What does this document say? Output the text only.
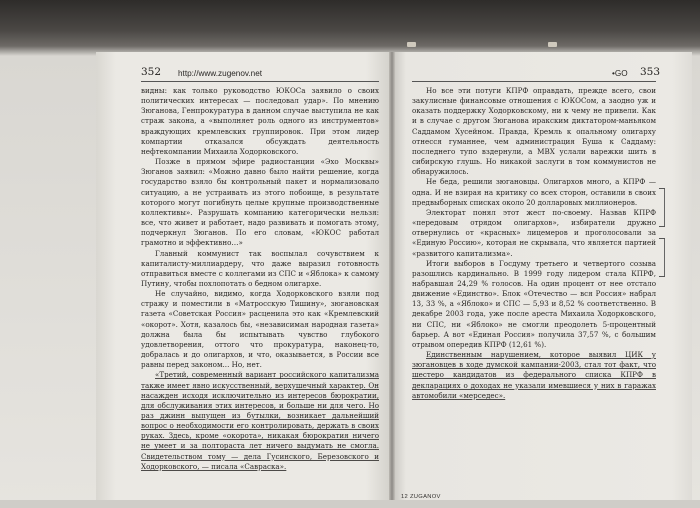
352 http://www.zugenov.net	•GO 353

видны: как только руководство ЮКОСа заявило о своих политических интересах — последовал удар». По мнению Зюганова, Генпрокуратура в данном случае выступила не как страж закона, а «выполняет роль одного из инструментов» враждующих кремлевских группировок. При этом лидер компартии отказался обсуждать деятельность нефтекомпании Михаила Ходорковского.

Позже в прямом эфире радиостанции «Эхо Москвы» Зюганов заявил: «Можно давно было найти решение, когда государство взяло бы контрольный пакет и нормализовало ситуацию, а не устраивать из этого побоище, в результате которого могут погибнуть целые крупные производственные коллективы». Разрушать компанию категорически нельзя: все, что живет и работает, надо развивать и помогать этому, подчеркнул Зюганов. По его словам, «ЮКОС работал грамотно и эффективно…»

Главный коммунист так воспылал сочувствием к капиталисту-миллиардеру, что даже выразил готовность отправиться вместе с коллегами из СПС и «Яблока» к самому Путину, чтобы похлопотать о бедном олигархе.

Не случайно, видимо, когда Ходорковского взяли под стражу и поместили в «Матросскую Тишину», зюгановская газета «Советская Россия» расценила это как «Кремлевский «окорот». Хотя, казалось бы, «независимая народная газета» должна была бы испытывать чувство глубокого удовлетворения, оттого что прокуратура, наконец-то, добралась и до олигархов, и что, оказывается, в России все равны перед законом... Но, нет.

«Третий, современный вариант российского капитализма также имеет явно искусственный, верхушечный характер. Он насажден исходя исключительно из интересов бюрократии, для обслуживания этих интересов, и больше ни для чего. Но раз джинн выпущен из бутылки, возникает дальнейший вопрос о необходимости его контролировать, держать в своих руках. Здесь, кроме «окорота», никакая бюрократия ничего не умеет и за полтораста лет ничего выдумать не смогла. Свидетельством тому — дела Гусинского, Березовского и Ходорковского, — писала «Савраска».

Но все эти потуги КПРФ оправдать, прежде всего, свои закулисные финансовые отношения с ЮКОСом, а заодно уж и оказать поддержку Ходорковскому, ни к чему не привели. Как и в случае с другом Зюганова иракским диктатором-маньяком Саддамом Хусейном. Правда, Кремль к опальному олигарху отнесся гуманнее, чем администрация Буша к Саддаму: последнего тупо вздернули, а МВХ услали варежки шить в сибирскую глушь. Но никакой заслуги в том коммунистов не обнаружилось.

Не беда, решили зюгановцы. Олигархов много, а КПРФ — одна. И не взирая на критику со всех сторон, оставили в своих предвыборных списках около 20 долларовых миллионеров.

Электорат понял этот жест по-своему. Назвав КПРФ «передовым отрядом олигархов», избиратели дружно отвернулись от «красных» лицемеров и проголосовали за «Единую Россию», которая не скрывала, что является партией «развитого капитализма».

Итоги выборов в Госдуму третьего и четвертого созыва разошлись кардинально. В 1999 году лидером стала КПРФ, набравшая 24,29 % голосов. На один процент от нее отстало движение «Единство». Блок «Отечество — вся Россия» набрал 13, 33 %, а «Яблоко» и СПС — 5,93 и 8,52 % соответственно. В декабре 2003 года, уже после ареста Михаила Ходорковского, ни СПС, ни «Яблоко» не смогли преодолеть 5-процентный барьер. А вот «Единая Россия» получила 37,57 %, с большим отрывом опередив КПРФ (12,61 %).

Единственным нарушением, которое выявил ЦИК у зюгановцев в ходе думской кампании-2003, стал тот факт, что шестеро кандидатов из федерального списка КПРФ в декларациях о доходах не указали имевшиеся у них в гаражах автомобили «мерседес».

12 ZUGANOV
